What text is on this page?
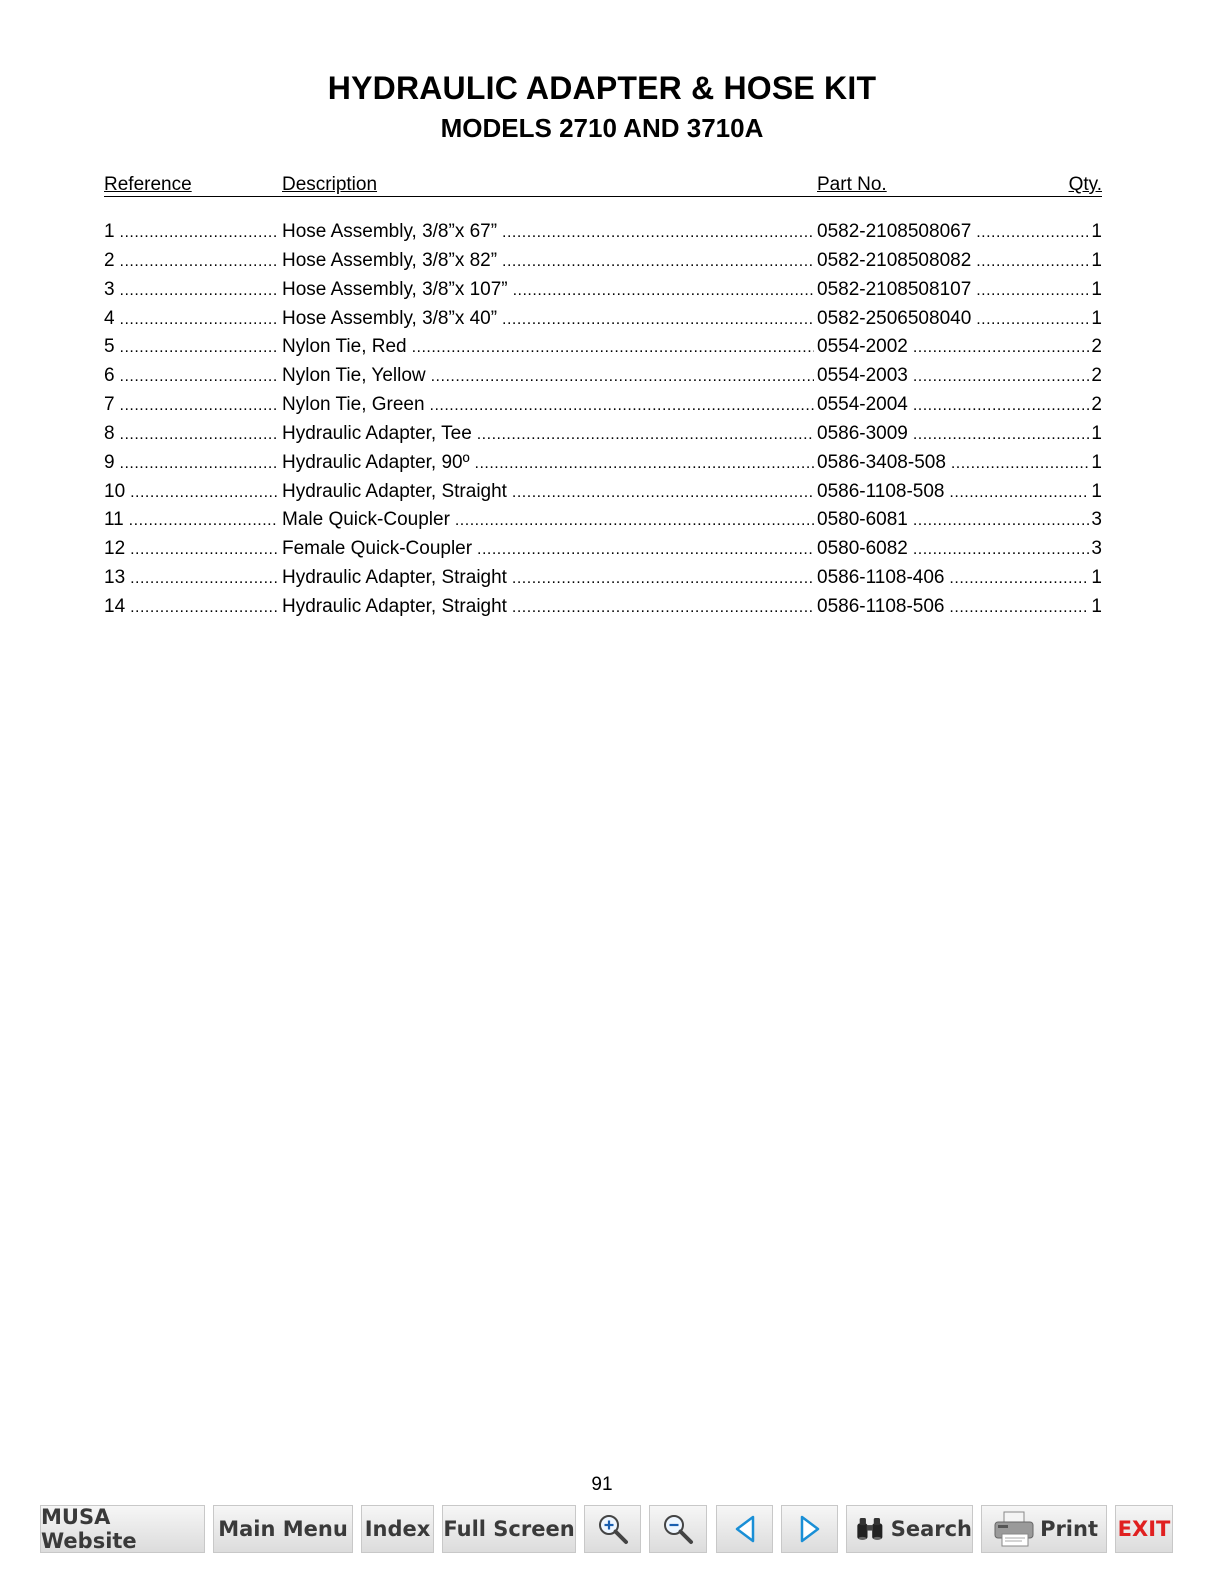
HYDRAULIC ADAPTER & HOSE KIT
MODELS 2710 AND 3710A
Reference	Description	Part No.	Qty.
1 .....	Hose Assembly, 3/8”x 67” .....	0582-2108508067 .....	1
2 .....	Hose Assembly, 3/8”x 82” .....	0582-2108508082 .....	1
3 .....	Hose Assembly, 3/8”x 107” .....	0582-2108508107 .....	1
4 .....	Hose Assembly, 3/8”x 40” .....	0582-2506508040 .....	1
5 .....	Nylon Tie, Red .....	0554-2002 .....	2
6 .....	Nylon Tie, Yellow .....	0554-2003 .....	2
7 .....	Nylon Tie, Green .....	0554-2004 .....	2
8 .....	Hydraulic Adapter, Tee .....	0586-3009 .....	1
9 .....	Hydraulic Adapter, 90º .....	0586-3408-508 .....	1
10 .....	Hydraulic Adapter, Straight .....	0586-1108-508 .....	1
11 .....	Male Quick-Coupler .....	0580-6081 .....	3
12 .....	Female Quick-Coupler .....	0580-6082 .....	3
13 .....	Hydraulic Adapter, Straight .....	0586-1108-406 .....	1
14 .....	Hydraulic Adapter, Straight .....	0586-1108-506 .....	1
91
MUSA Website	Main Menu Index Full Screen	Search	Print EXIT
